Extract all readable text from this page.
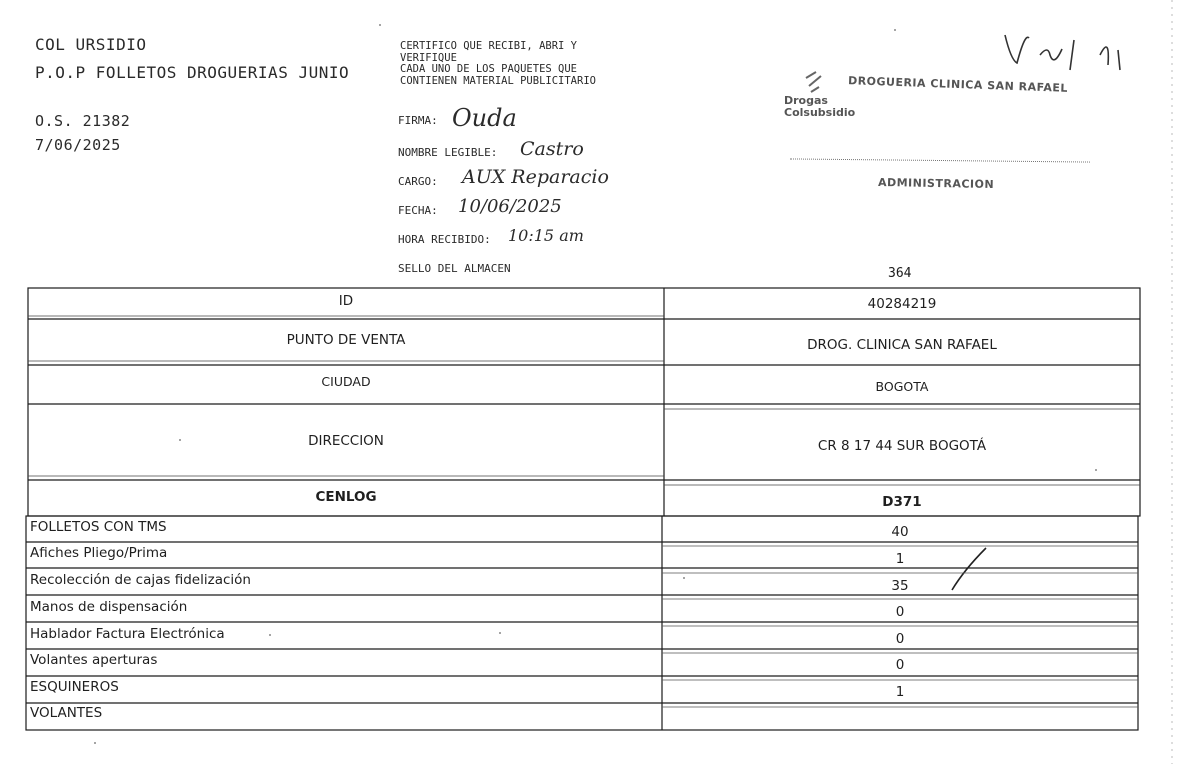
COL URSIDIO
P.O.P FOLLETOS DROGUERIAS JUNIO
O.S. 21382
7/06/2025
CERTIFICO QUE RECIBI, ABRI Y
VERIFIQUE
CADA UNO DE LOS PAQUETES QUE
CONTIENEN MATERIAL PUBLICITARIO
FIRMA: Ouda
NOMBRE LEGIBLE: Castro
CARGO: AUX Reparacio
FECHA: 10/06/2025
HORA RECIBIDO: 10:15 am
SELLO DEL ALMACEN
DROGUERIA CLINICA SAN RAFAEL
Drogas
Colsubsidio
ADMINISTRACION
364
ID	40284219
PUNTO DE VENTA	DROG. CLINICA SAN RAFAEL
CIUDAD	BOGOTA
DIRECCION	CR 8 17 44 SUR BOGOTÁ
CENLOG	D371
FOLLETOS CON TMS	40
Afiches Pliego/Prima	1
Recolección de cajas fidelización	35
Manos de dispensación	0
Hablador Factura Electrónica	0
Volantes aperturas	0
ESQUINEROS	1
VOLANTES
